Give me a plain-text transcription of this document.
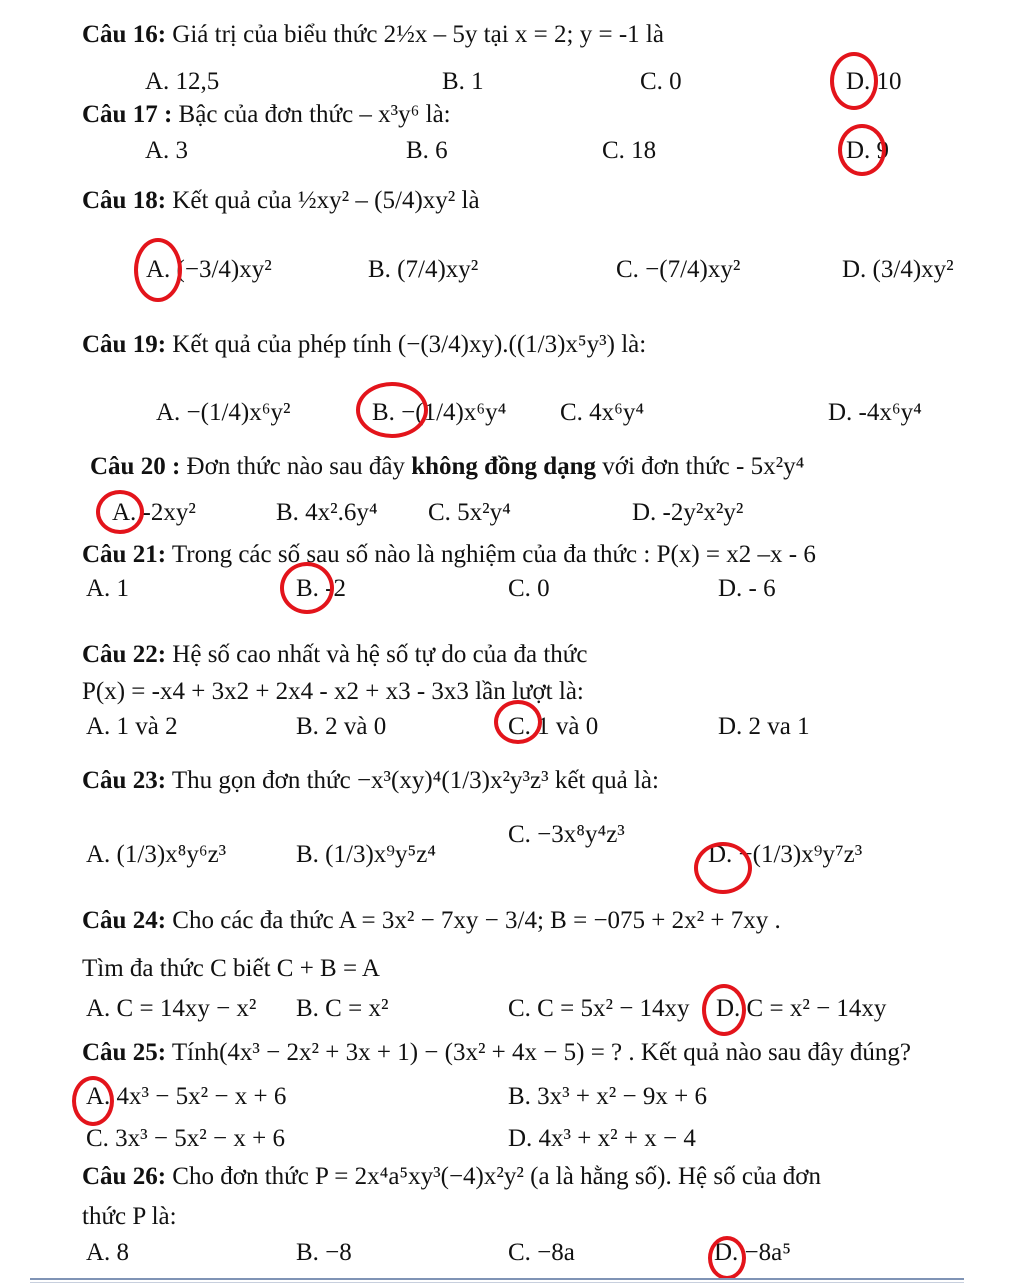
Câu 16: Giá trị của biểu thức 2½x – 5y tại x = 2; y = -1 là
A. 12,5	B. 1	C. 0	D. 10
Câu 17 : Bậc của đơn thức – x³y⁶ là:
A. 3	B. 6	C. 18	D. 9
Câu 18: Kết quả của ½xy² – (5/4)xy² là
A. (−3/4)xy²	B. (7/4)xy²	C. −(7/4)xy²	D. (3/4)xy²
Câu 19: Kết quả của phép tính (−(3/4)xy).((1/3)x⁵y³) là:
A. −(1/4)x⁶y²	B. −(1/4)x⁶y⁴ C. 4x⁶y⁴	D. -4x⁶y⁴
Câu 20 : Đơn thức nào sau đây không đồng dạng với đơn thức - 5x²y⁴
A. -2xy²	B. 4x².6y⁴ C. 5x²y⁴	D. -2y²x²y²
Câu 21: Trong các số sau số nào là nghiệm của đa thức : P(x) = x2 –x - 6
A. 1	B. -2	C. 0	D. - 6
Câu 22: Hệ số cao nhất và hệ số tự do của đa thức
P(x) = -x4 + 3x2 + 2x4 - x2 + x3 - 3x3 lần lượt là:
A. 1 và 2	B. 2 và 0	C. 1 và 0	D. 2 va 1
Câu 23: Thu gọn đơn thức −x³(xy)⁴(1/3)x²y³z³ kết quả là:
A. (1/3)x⁸y⁶z³	B. (1/3)x⁹y⁵z⁴
C. −3x⁸y⁴z³
D. −(1/3)x⁹y⁷z³
Câu 24: Cho các đa thức A = 3x² − 7xy − 3/4; B = −075 + 2x² + 7xy .
Tìm đa thức C biết C + B = A
A. C = 14xy − x² B. C = x²	C. C = 5x² − 14xy D. C = x² − 14xy
Câu 25: Tính(4x³ − 2x² + 3x + 1) − (3x² + 4x − 5) = ? . Kết quả nào sau đây đúng?
A. 4x³ − 5x² − x + 6	B. 3x³ + x² − 9x + 6
C. 3x³ − 5x² − x + 6	D. 4x³ + x² + x − 4
Câu 26: Cho đơn thức P = 2x⁴a⁵xy³(−4)x²y² (a là hằng số). Hệ số của đơn
thức P là:
A. 8	B. −8	C. −8a	D. −8a⁵
